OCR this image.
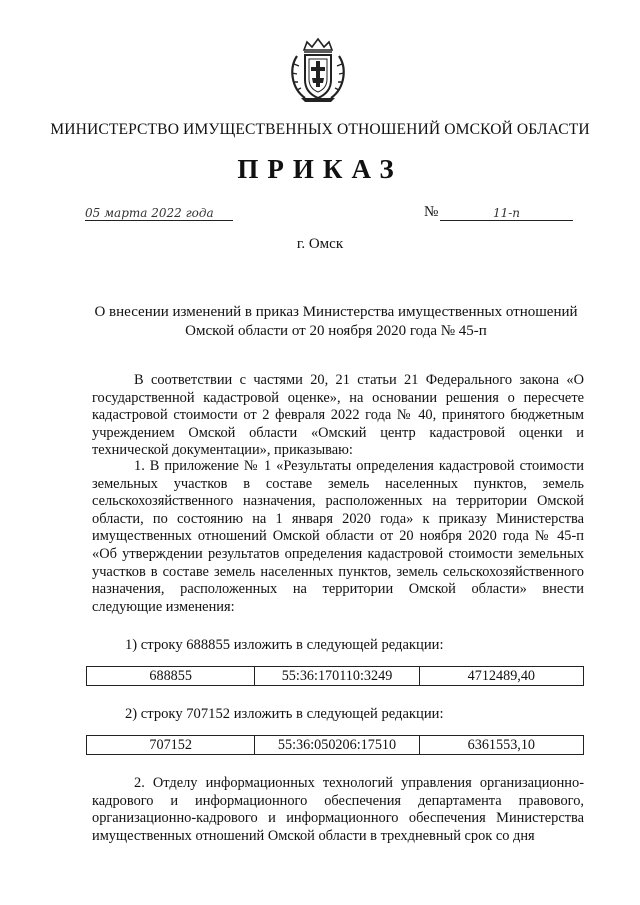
МИНИСТЕРСТВО ИМУЩЕСТВЕННЫХ ОТНОШЕНИЙ ОМСКОЙ ОБЛАСТИ
ПРИКАЗ
05 марта 2022 года	№	11-п
г. Омск
О внесении изменений в приказ Министерства имущественных отношений
Омской области от 20 ноября 2020 года № 45-п

В соответствии с частями 20, 21 статьи 21 Федерального закона «О государственной кадастровой оценке», на основании решения о пересчете кадастровой стоимости от 2 февраля 2022 года № 40, принятого бюджетным учреждением Омской области «Омский центр кадастровой оценки и технической документации», приказываю:

1. В приложение № 1 «Результаты определения кадастровой стоимости земельных участков в составе земель населенных пунктов, земель сельскохозяйственного назначения, расположенных на территории Омской области, по состоянию на 1 января 2020 года» к приказу Министерства имущественных отношений Омской области от 20 ноября 2020 года № 45-п «Об утверждении результатов определения кадастровой стоимости земельных участков в составе земель населенных пунктов, земель сельскохозяйственного назначения, расположенных на территории Омской области» внести следующие изменения:

1) строку 688855 изложить в следующей редакции:
688855	55:36:170110:3249	4712489,40
2) строку 707152 изложить в следующей редакции:
707152	55:36:050206:17510	6361553,10

2. Отделу информационных технологий управления организационно-кадрового и информационного обеспечения департамента правового, организационно-кадрового и информационного обеспечения Министерства имущественных отношений Омской области в трехдневный срок со дня
